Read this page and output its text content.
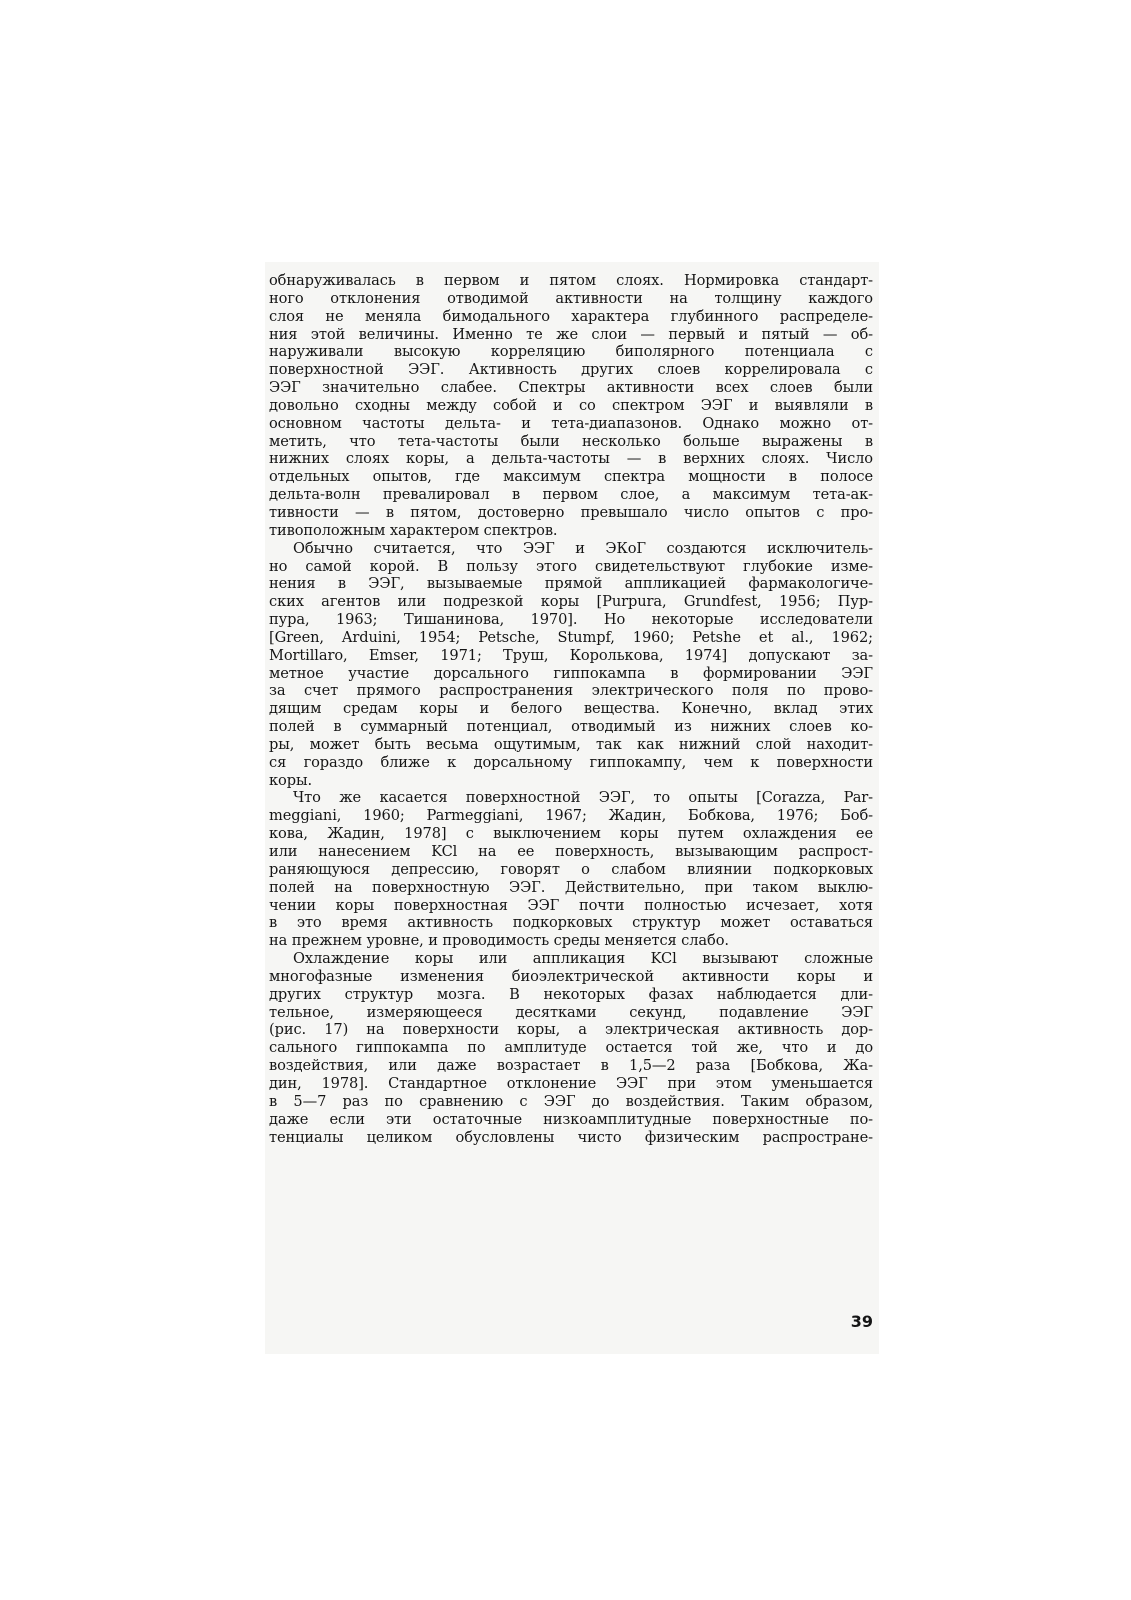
обнаруживалась в первом и пятом слоях. Нормировка стандарт-
ного отклонения отводимой активности на толщину каждого
слоя не меняла бимодального характера глубинного распределе-
ния этой величины. Именно те же слои — первый и пятый — об-
наруживали высокую корреляцию биполярного потенциала с
поверхностной ЭЭГ. Активность других слоев коррелировала с
ЭЭГ значительно слабее. Спектры активности всех слоев были
довольно сходны между собой и со спектром ЭЭГ и выявляли в
основном частоты дельта- и тета-диапазонов. Однако можно от-
метить, что тета-частоты были несколько больше выражены в
нижних слоях коры, а дельта-частоты — в верхних слоях. Число
отдельных опытов, где максимум спектра мощности в полосе
дельта-волн превалировал в первом слое, а максимум тета-ак-
тивности — в пятом, достоверно превышало число опытов с про-
тивоположным характером спектров.
Обычно считается, что ЭЭГ и ЭКоГ создаются исключитель-
но самой корой. В пользу этого свидетельствуют глубокие изме-
нения в ЭЭГ, вызываемые прямой аппликацией фармакологиче-
ских агентов или подрезкой коры [Purpura, Grundfest, 1956; Пур-
пура, 1963; Тишанинова, 1970]. Но некоторые исследователи
[Green, Arduini, 1954; Petsche, Stumpf, 1960; Petshe et al., 1962;
Mortillaro, Emser, 1971; Труш, Королькова, 1974] допускают за-
метное участие дорсального гиппокампа в формировании ЭЭГ
за счет прямого распространения электрического поля по прово-
дящим средам коры и белого вещества. Конечно, вклад этих
полей в суммарный потенциал, отводимый из нижних слоев ко-
ры, может быть весьма ощутимым, так как нижний слой находит-
ся гораздо ближе к дорсальному гиппокампу, чем к поверхности
коры.
Что же касается поверхностной ЭЭГ, то опыты [Corazza, Par-
meggiani, 1960; Parmeggiani, 1967; Жадин, Бобкова, 1976; Боб-
кова, Жадин, 1978] с выключением коры путем охлаждения ее
или нанесением KCl на ее поверхность, вызывающим распрост-
раняющуюся депрессию, говорят о слабом влиянии подкорковых
полей на поверхностную ЭЭГ. Действительно, при таком выклю-
чении коры поверхностная ЭЭГ почти полностью исчезает, хотя
в это время активность подкорковых структур может оставаться
на прежнем уровне, и проводимость среды меняется слабо.
Охлаждение коры или аппликация KCl вызывают сложные
многофазные изменения биоэлектрической активности коры и
других структур мозга. В некоторых фазах наблюдается дли-
тельное, измеряющееся десятками секунд, подавление ЭЭГ
(рис. 17) на поверхности коры, а электрическая активность дор-
сального гиппокампа по амплитуде остается той же, что и до
воздействия, или даже возрастает в 1,5—2 раза [Бобкова, Жа-
дин, 1978]. Стандартное отклонение ЭЭГ при этом уменьшается
в 5—7 раз по сравнению с ЭЭГ до воздействия. Таким образом,
даже если эти остаточные низкоамплитудные поверхностные по-
тенциалы целиком обусловлены чисто физическим распростране-
39
